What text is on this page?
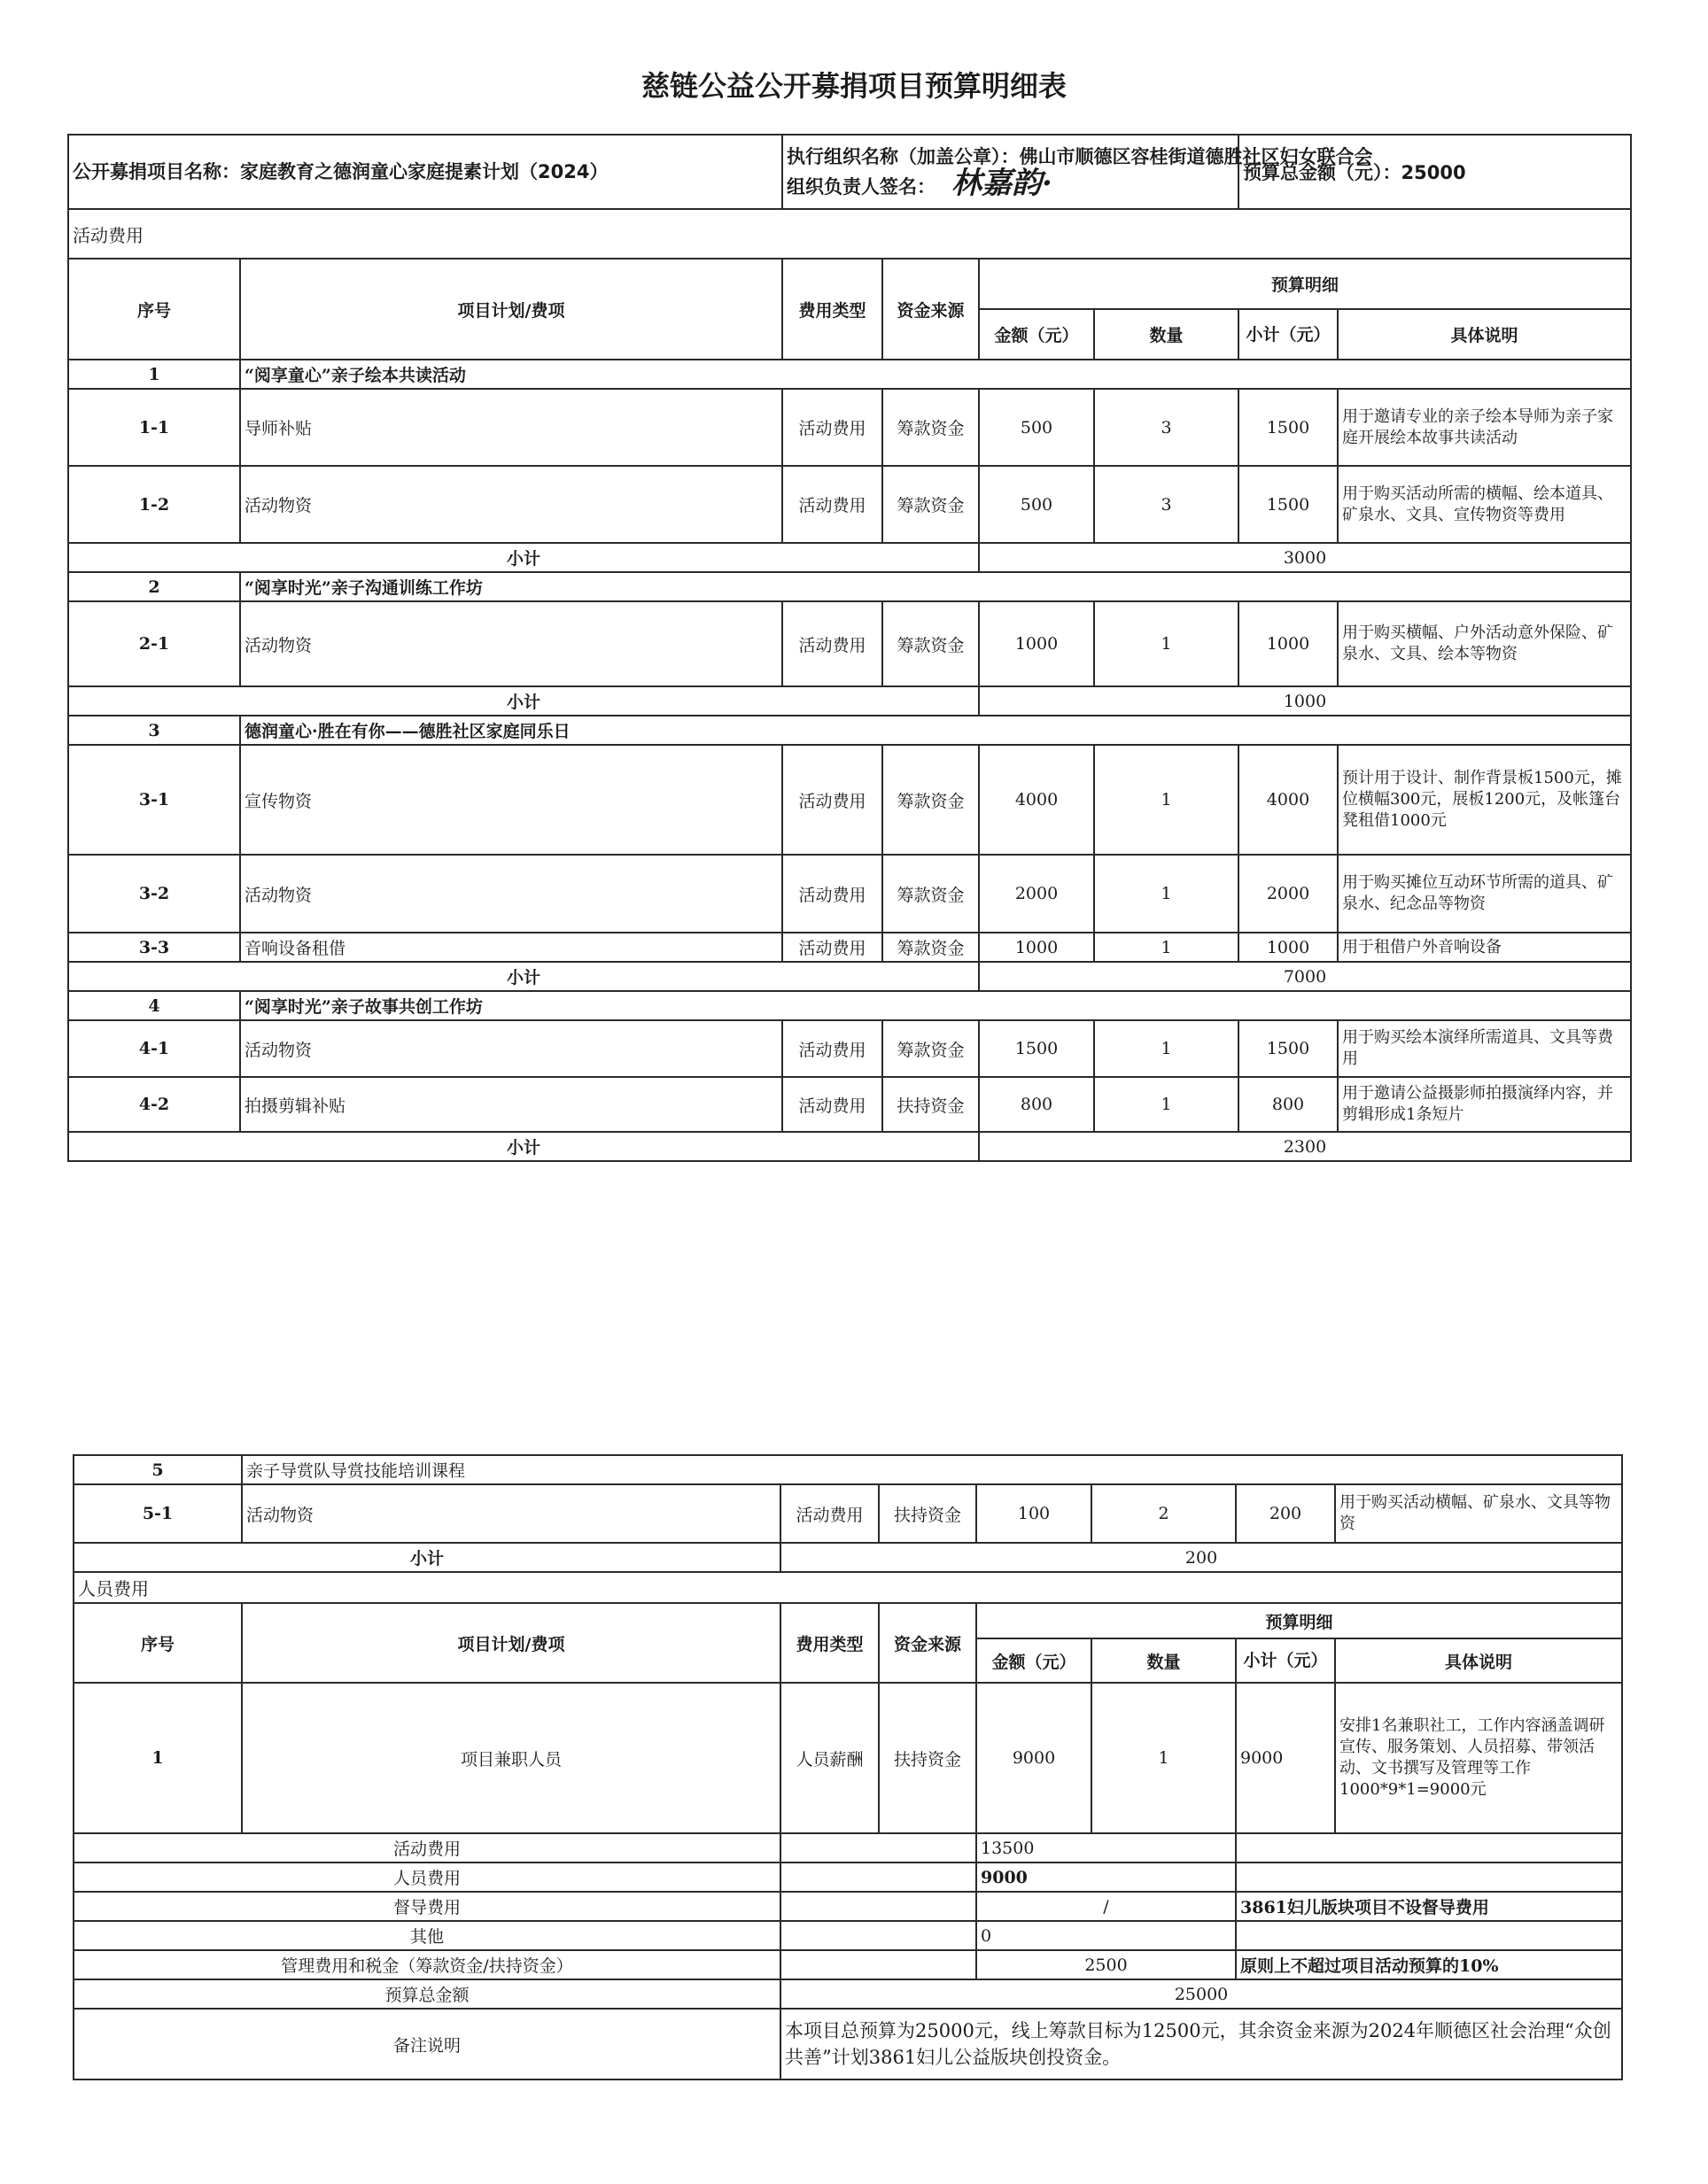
慈链公益公开募捐项目预算明细表
公开募捐项目名称：家庭教育之德润童心家庭提素计划（2024）		执行组织名称（加盖公章）：佛山市顺德区容桂街道德胜社区妇女联合会
组织负责人签名： 林嘉韵·				预算总金额（元）：25000	
活动费用							
序号	项目计划/费项	费用类型	资金来源	预算明细			
				金额（元）	数量	小计（元）	具体说明
1	“阅享童心”亲子绘本共读活动						
1-1	导师补贴	活动费用	筹款资金	500	3	1500	用于邀请专业的亲子绘本导师为亲子家庭开展绘本故事共读活动
1-2	活动物资	活动费用	筹款资金	500	3	1500	用于购买活动所需的横幅、绘本道具、矿泉水、文具、宣传物资等费用
小计				3000			
2	“阅享时光”亲子沟通训练工作坊						
2-1	活动物资	活动费用	筹款资金	1000	1	1000	用于购买横幅、户外活动意外保险、矿泉水、文具、绘本等物资
小计				1000			
3	德润童心·胜在有你——德胜社区家庭同乐日						
3-1	宣传物资	活动费用	筹款资金	4000	1	4000	预计用于设计、制作背景板1500元，摊位横幅300元，展板1200元，及帐篷台凳租借1000元
3-2	活动物资	活动费用	筹款资金	2000	1	2000	用于购买摊位互动环节所需的道具、矿泉水、纪念品等物资
3-3	音响设备租借	活动费用	筹款资金	1000	1	1000	用于租借户外音响设备
小计				7000			
4	“阅享时光”亲子故事共创工作坊						
4-1	活动物资	活动费用	筹款资金	1500	1	1500	用于购买绘本演绎所需道具、文具等费用
4-2	拍摄剪辑补贴	活动费用	扶持资金	800	1	800	用于邀请公益摄影师拍摄演绎内容，并剪辑形成1条短片
小计				2300			
5	亲子导赏队导赏技能培训课程						
5-1	活动物资	活动费用	扶持资金	100	2	200	用于购买活动横幅、矿泉水、文具等物资
小计		200					
人员费用							
序号	项目计划/费项	费用类型	资金来源	预算明细			
				金额（元）	数量	小计（元）	具体说明
1	项目兼职人员	人员薪酬	扶持资金	9000	1	9000	安排1名兼职社工，工作内容涵盖调研宣传、服务策划、人员招募、带领活动、文书撰写及管理等工作1000*9*1=9000元
活动费用				13500			
人员费用				9000			
督导费用				/		3861妇儿版块项目不设督导费用	
其他				0			
管理费用和税金（筹款资金/扶持资金）				2500		原则上不超过项目活动预算的10%	
预算总金额		25000					
备注说明		本项目总预算为25000元，线上筹款目标为12500元，其余资金来源为2024年顺德区社会治理“众创共善”计划3861妇儿公益版块创投资金。					
